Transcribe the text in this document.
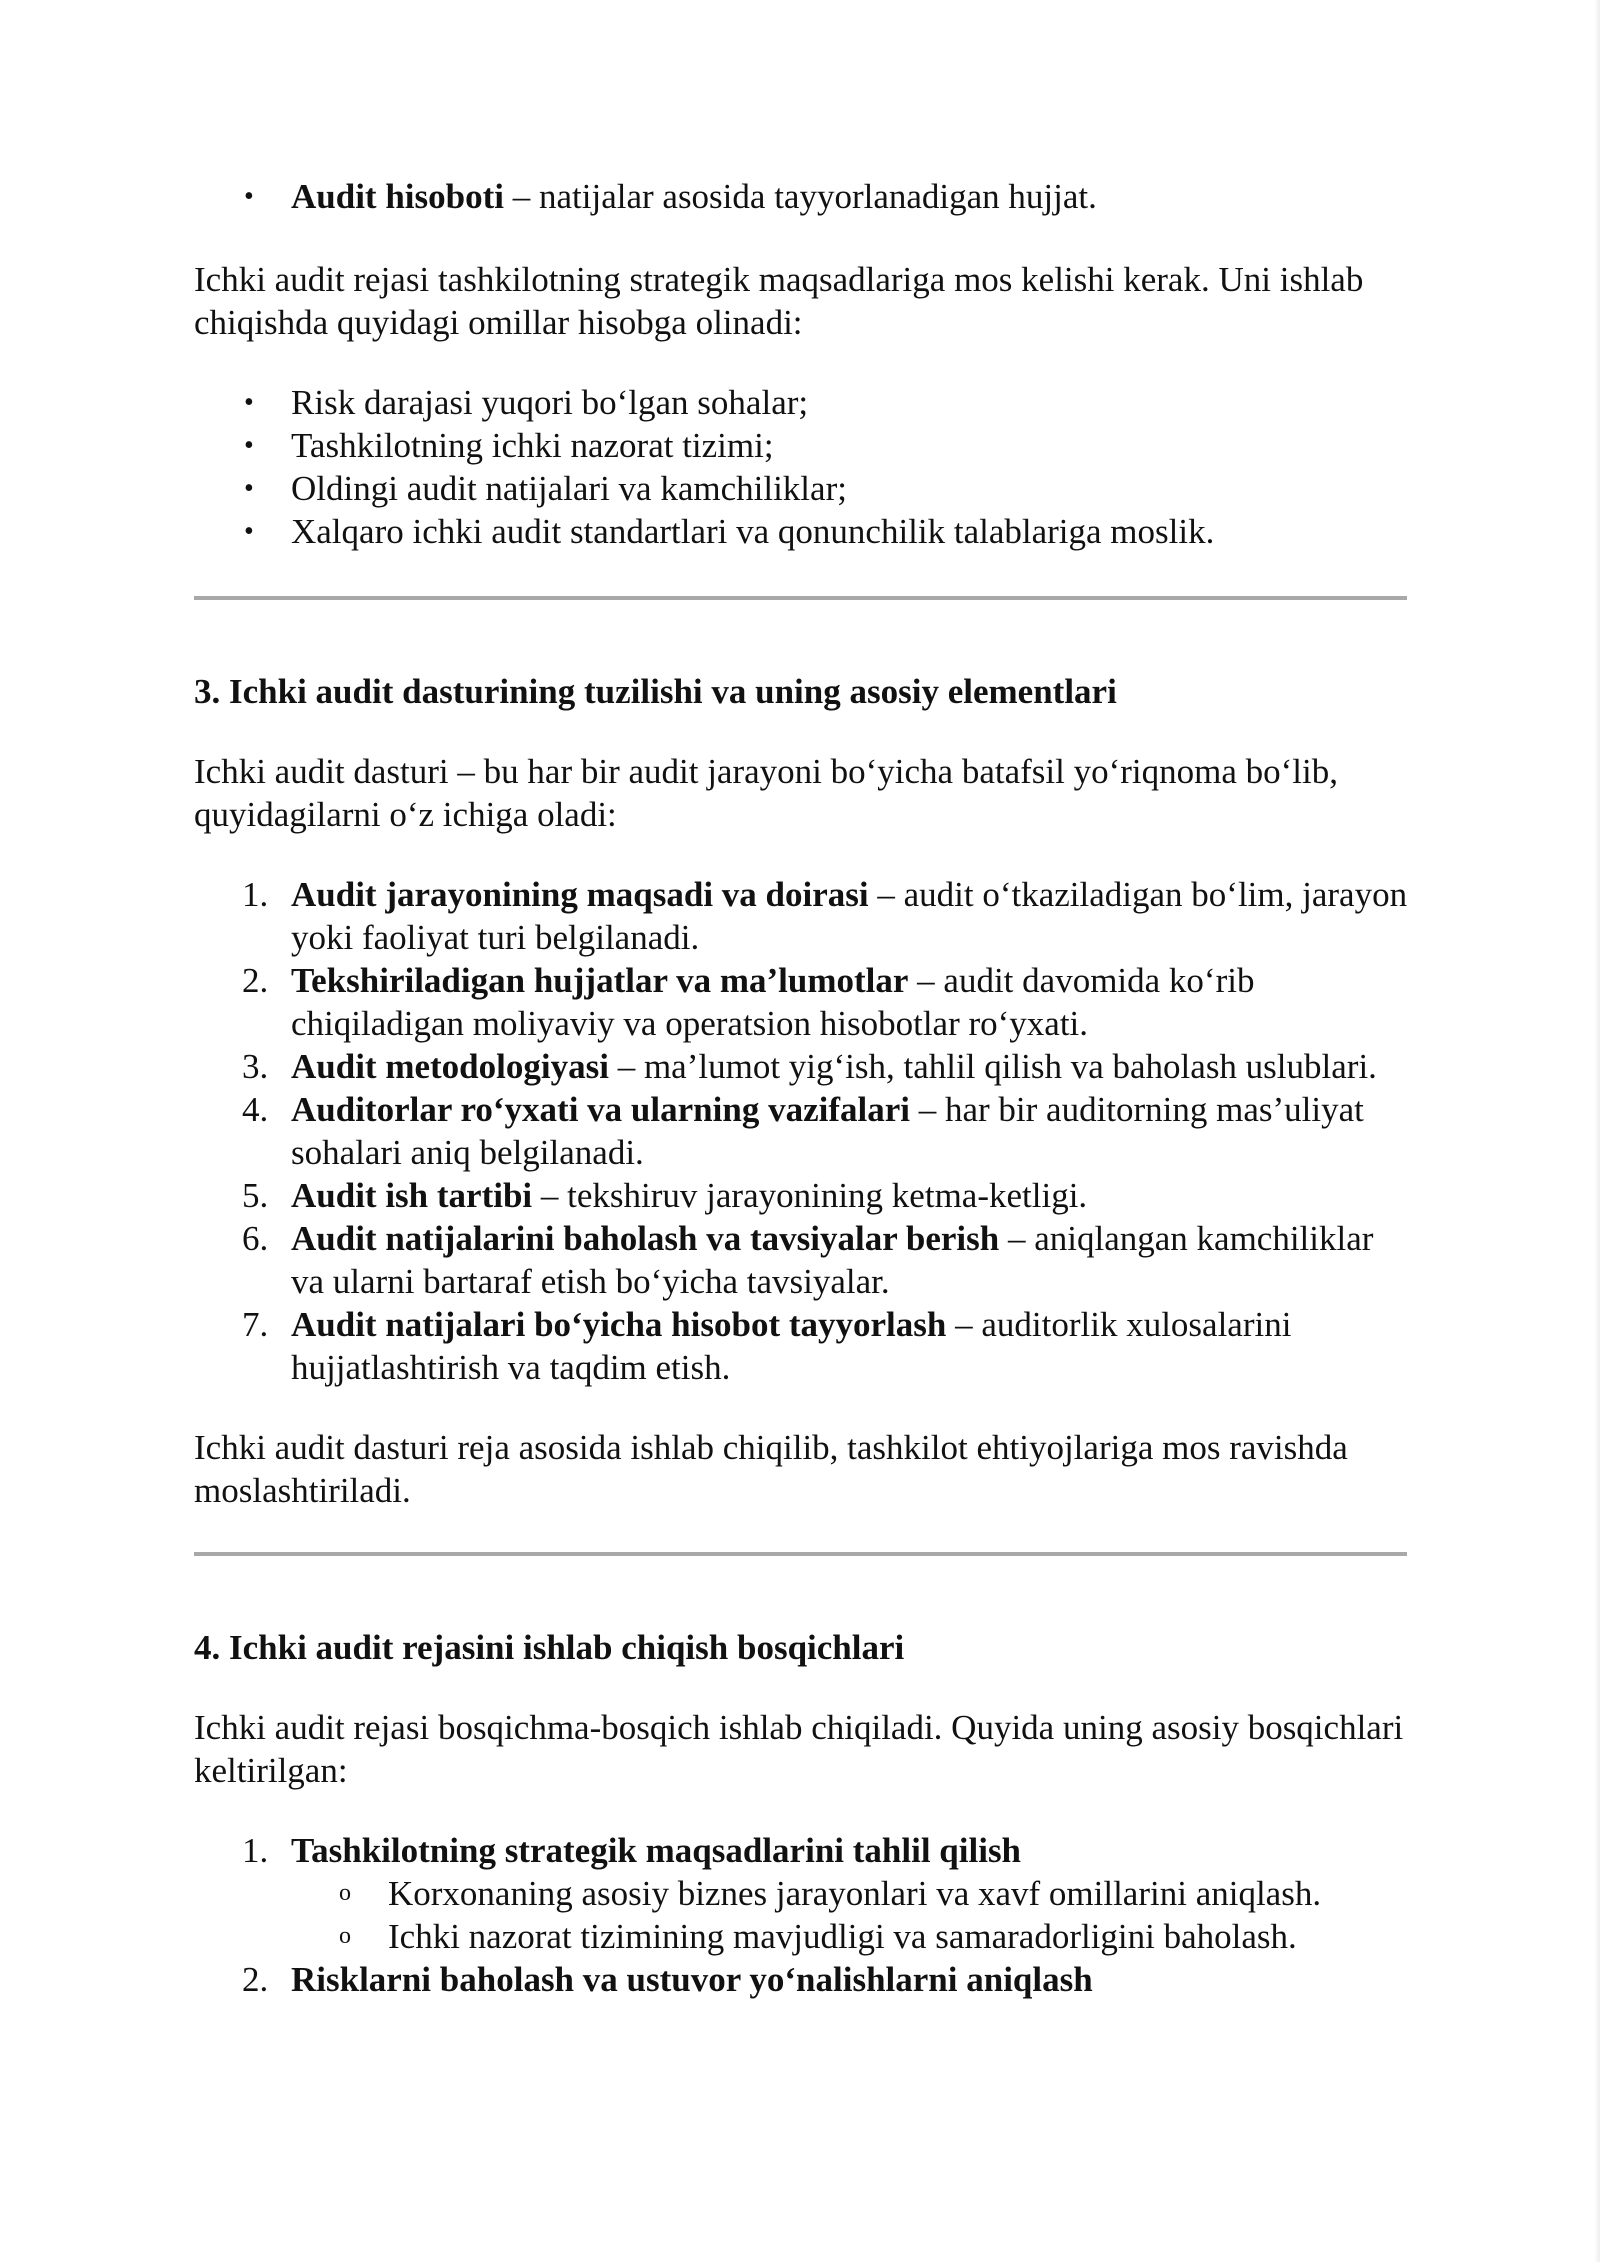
• Audit hisoboti – natijalar asosida tayyorlanadigan hujjat.

Ichki audit rejasi tashkilotning strategik maqsadlariga mos kelishi kerak. Uni ishlab chiqishda quyidagi omillar hisobga olinadi:

• Risk darajasi yuqori bo‘lgan sohalar;
• Tashkilotning ichki nazorat tizimi;
• Oldingi audit natijalari va kamchiliklar;
• Xalqaro ichki audit standartlari va qonunchilik talablariga moslik.
3. Ichki audit dasturining tuzilishi va uning asosiy elementlari

Ichki audit dasturi – bu har bir audit jarayoni bo‘yicha batafsil yo‘riqnoma bo‘lib, quyidagilarni o‘z ichiga oladi:

1. Audit jarayonining maqsadi va doirasi – audit o‘tkaziladigan bo‘lim, jarayon yoki faoliyat turi belgilanadi.
2. Tekshiriladigan hujjatlar va ma’lumotlar – audit davomida ko‘rib chiqiladigan moliyaviy va operatsion hisobotlar ro‘yxati.
3. Audit metodologiyasi – ma’lumot yig‘ish, tahlil qilish va baholash uslublari.
4. Auditorlar ro‘yxati va ularning vazifalari – har bir auditorning mas’uliyat sohalari aniq belgilanadi.
5. Audit ish tartibi – tekshiruv jarayonining ketma-ketligi.
6. Audit natijalarini baholash va tavsiyalar berish – aniqlangan kamchiliklar va ularni bartaraf etish bo‘yicha tavsiyalar.
7. Audit natijalari bo‘yicha hisobot tayyorlash – auditorlik xulosalarini hujjatlashtirish va taqdim etish.

Ichki audit dasturi reja asosida ishlab chiqilib, tashkilot ehtiyojlariga mos ravishda moslashtiriladi.

4. Ichki audit rejasini ishlab chiqish bosqichlari

Ichki audit rejasi bosqichma-bosqich ishlab chiqiladi. Quyida uning asosiy bosqichlari keltirilgan:

1. Tashkilotning strategik maqsadlarini tahlil qilish
o Korxonaning asosiy biznes jarayonlari va xavf omillarini aniqlash.
o Ichki nazorat tizimining mavjudligi va samaradorligini baholash.
2. Risklarni baholash va ustuvor yo‘nalishlarni aniqlash
